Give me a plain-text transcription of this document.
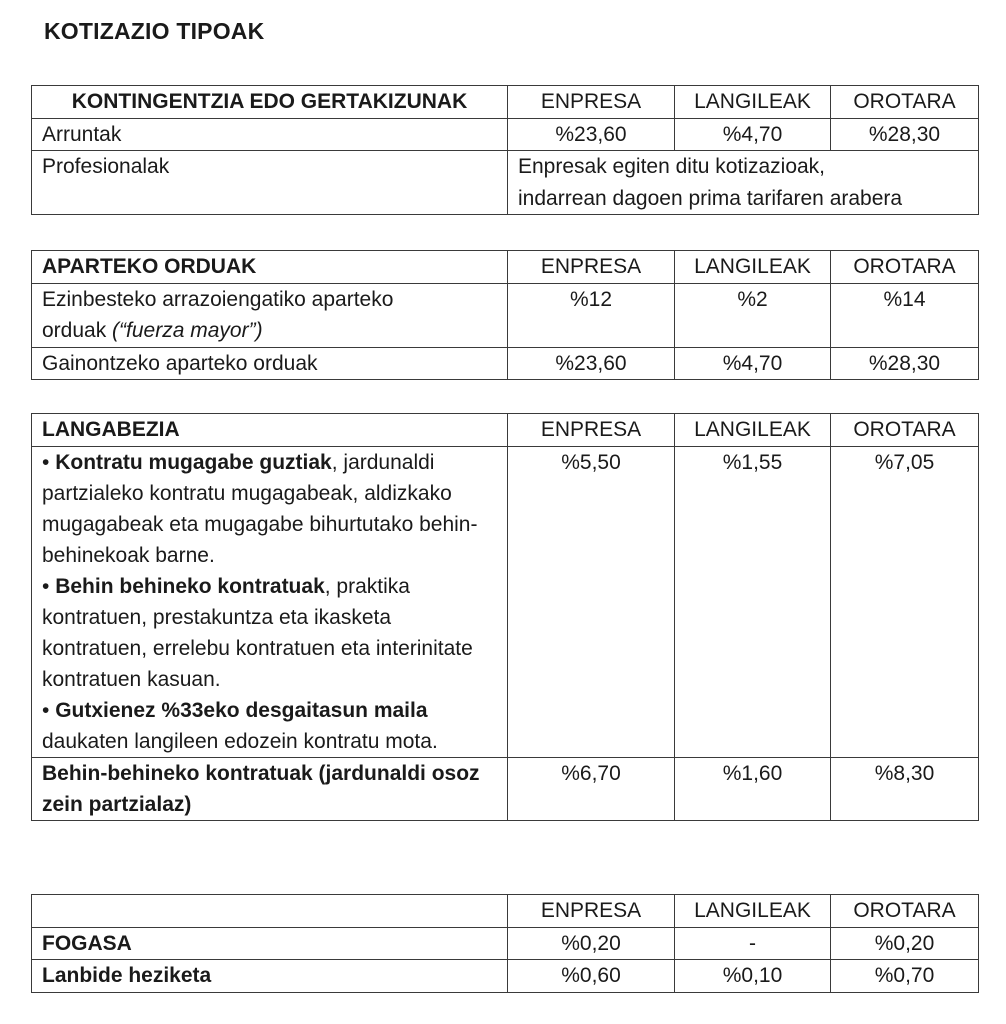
KOTIZAZIO TIPOAK
KONTINGENTZIA EDO GERTAKIZUNAK	ENPRESA	LANGILEAK	OROTARA
Arruntak	%23,60	%4,70	%28,30
Profesionalak	Enpresak egiten ditu kotizazioak,
indarrean dagoen prima tarifaren arabera		
APARTEKO ORDUAK	ENPRESA	LANGILEAK	OROTARA

Ezinbesteko arrazoiengatiko aparteko
orduak (“fuerza mayor”)	%12	%2	%14
Gainontzeko aparteko orduak	%23,60	%4,70	%28,30
LANGABEZIA	ENPRESA	LANGILEAK	OROTARA

• Kontratu mugagabe guztiak, jardunaldi partzialeko kontratu mugagabeak, aldizkako mugagabeak eta mugagabe bihurtutako behin-behinekoak barne.
• Behin behineko kontratuak, praktika kontratuen, prestakuntza eta ikasketa kontratuen, errelebu kontratuen eta interinitate kontratuen kasuan.
• Gutxienez %33eko desgaitasun maila daukaten langileen edozein kontratu mota.	%5,50	%1,55	%7,05
Behin-behineko kontratuak (jardunaldi osoz zein partzialaz)	%6,70	%1,60	%8,30
	ENPRESA	LANGILEAK	OROTARA
FOGASA	%0,20	-	%0,20
Lanbide heziketa	%0,60	%0,10	%0,70
